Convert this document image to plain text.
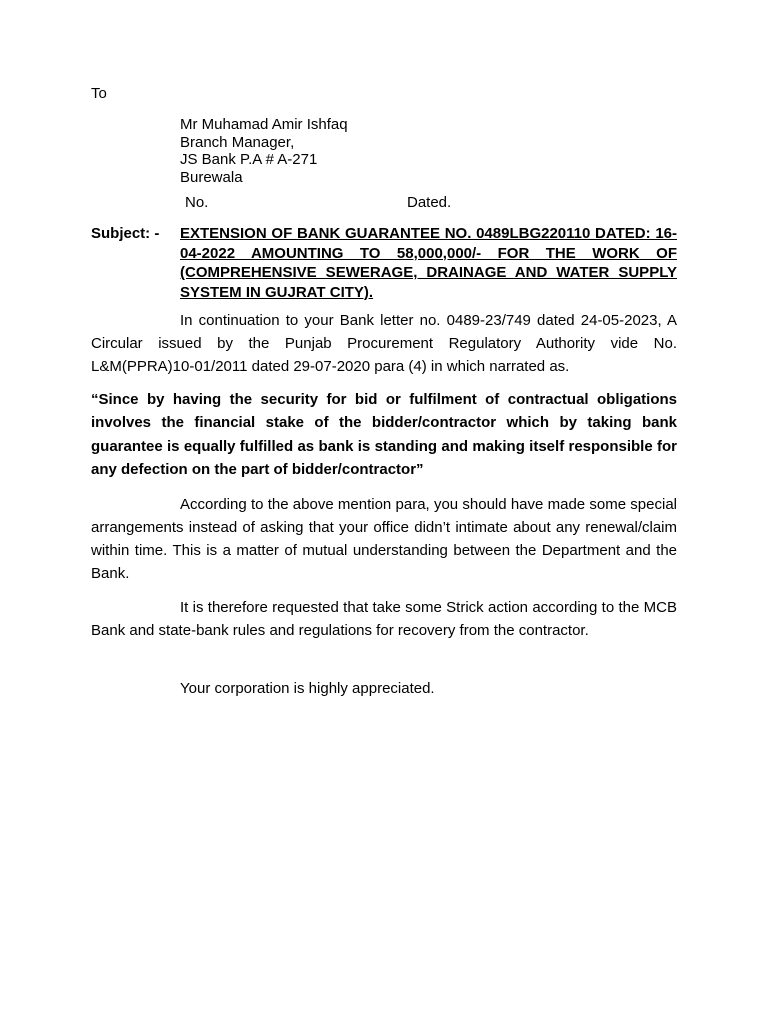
To
Mr Muhamad Amir Ishfaq
Branch Manager,
JS Bank P.A # A-271
Burewala
No.	Dated.
Subject: - EXTENSION OF BANK GUARANTEE NO. 0489LBG220110 DATED: 16-04-2022 AMOUNTING TO 58,000,000/- FOR THE WORK OF (COMPREHENSIVE SEWERAGE, DRAINAGE AND WATER SUPPLY SYSTEM IN GUJRAT CITY).
In continuation to your Bank letter no. 0489-23/749 dated 24-05-2023, A Circular issued by the Punjab Procurement Regulatory Authority vide No. L&M(PPRA)10-01/2011 dated 29-07-2020 para (4) in which narrated as.
“Since by having the security for bid or fulfilment of contractual obligations involves the financial stake of the bidder/contractor which by taking bank guarantee is equally fulfilled as bank is standing and making itself responsible for any defection on the part of bidder/contractor”
According to the above mention para, you should have made some special arrangements instead of asking that your office didn’t intimate about any renewal/claim within time. This is a matter of mutual understanding between the Department and the Bank.
It is therefore requested that take some Strick action according to the MCB Bank and state-bank rules and regulations for recovery from the contractor.
Your corporation is highly appreciated.
